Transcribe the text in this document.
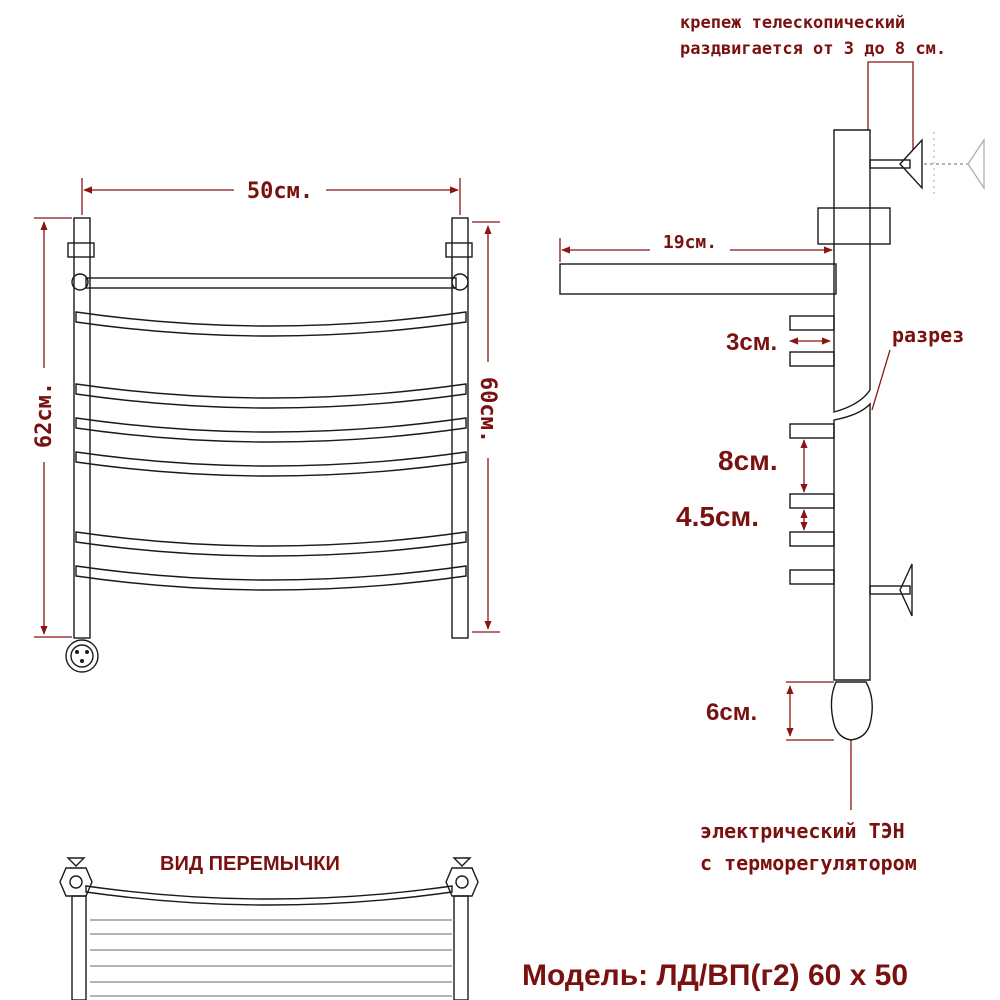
50см.
62см.	60см.
крепеж телескопический
раздвигается от 3 до 8 см.
19см.
3см.	разрез
8см.
4.5см.
6см.
электрический ТЭН
с терморегулятором
ВИД ПЕРЕМЫЧКИ
Модель: ЛД/ВП(г2) 60 х 50
